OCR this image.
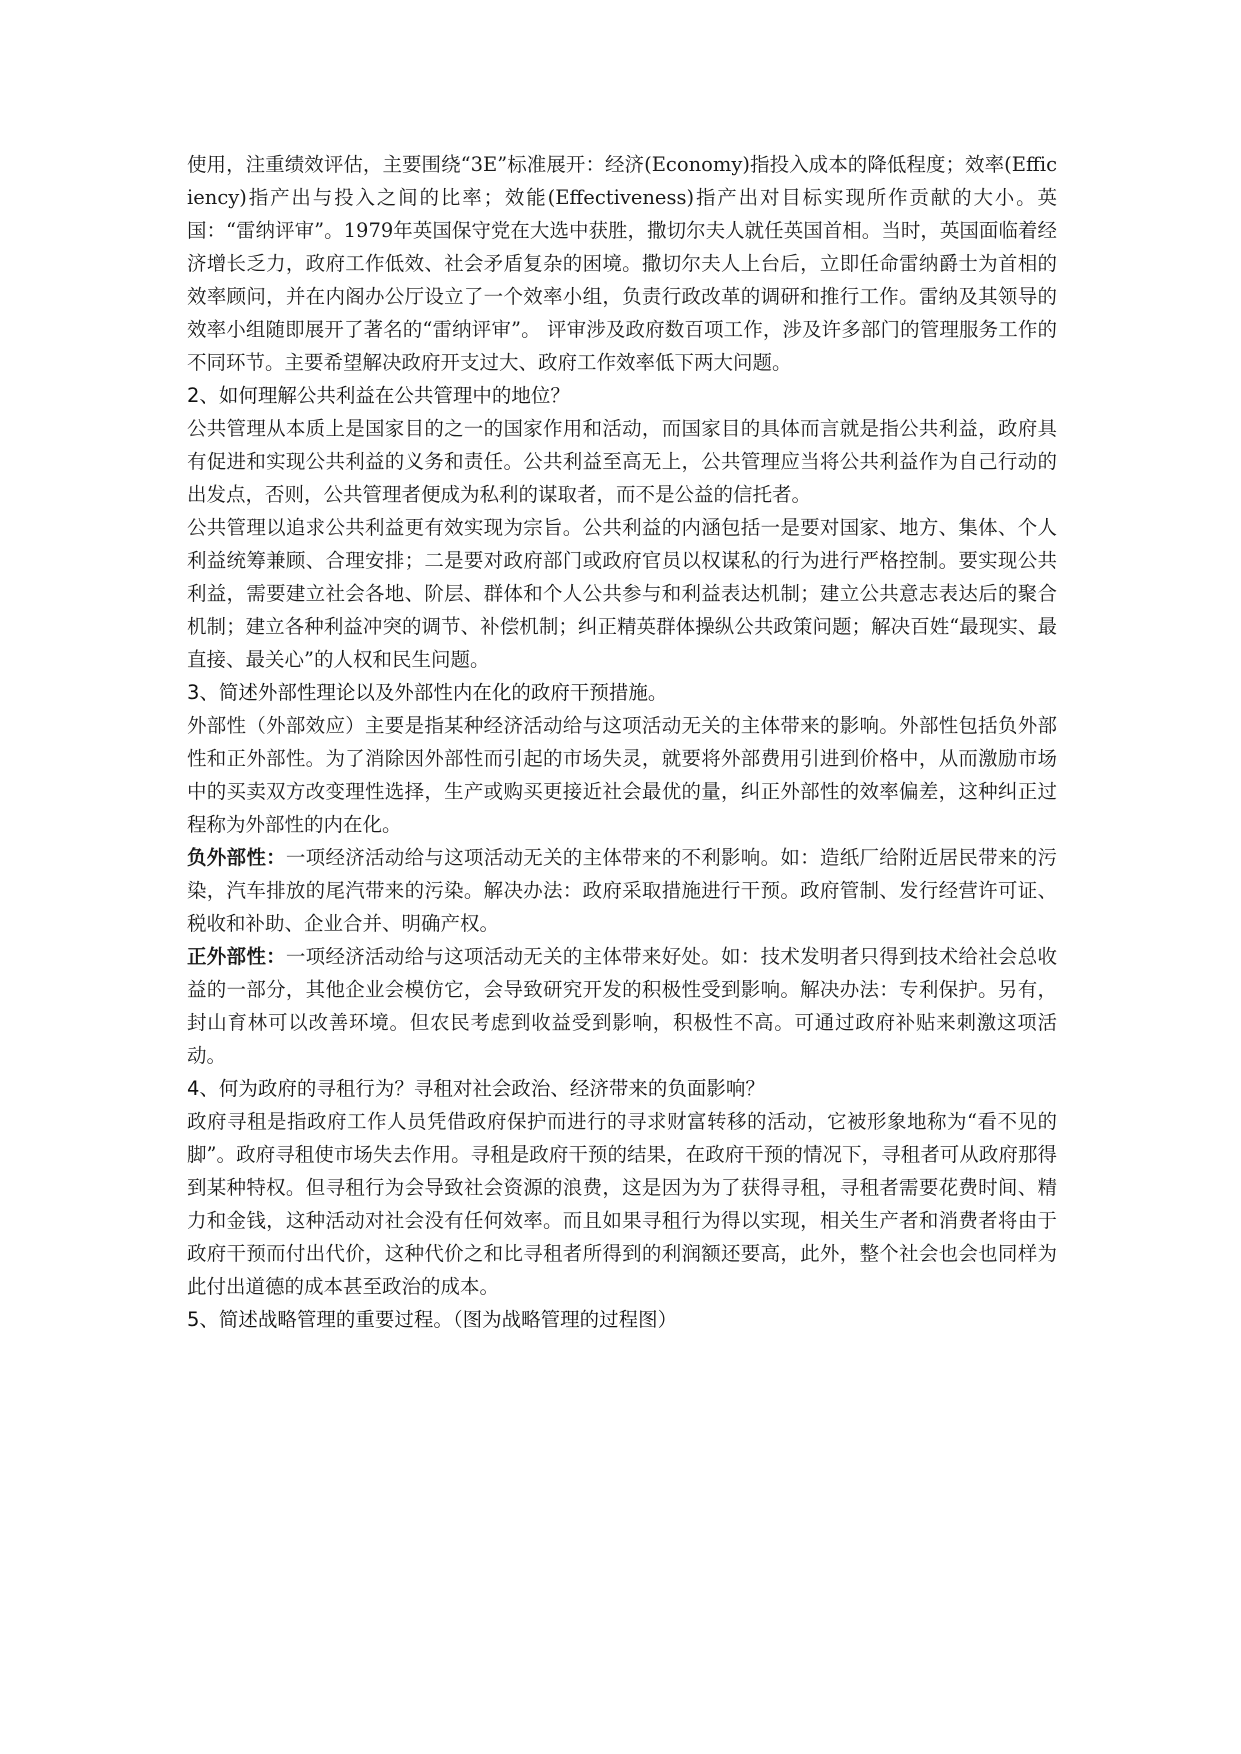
使用，注重绩效评估，主要围绕“3E”标准展开：经济(Economy)指投入成本的降低程度；效率(Efficiency)指产出与投入之间的比率；效能(Effectiveness)指产出对目标实现所作贡献的大小。英国：“雷纳评审”。1979年英国保守党在大选中获胜，撒切尔夫人就任英国首相。当时，英国面临着经济增长乏力，政府工作低效、社会矛盾复杂的困境。撒切尔夫人上台后，立即任命雷纳爵士为首相的效率顾问，并在内阁办公厅设立了一个效率小组，负责行政改革的调研和推行工作。雷纳及其领导的效率小组随即展开了著名的“雷纳评审”。 评审涉及政府数百项工作，涉及许多部门的管理服务工作的不同环节。主要希望解决政府开支过大、政府工作效率低下两大问题。

2、如何理解公共利益在公共管理中的地位？

公共管理从本质上是国家目的之一的国家作用和活动，而国家目的具体而言就是指公共利益，政府具有促进和实现公共利益的义务和责任。公共利益至高无上，公共管理应当将公共利益作为自己行动的出发点，否则，公共管理者便成为私利的谋取者，而不是公益的信托者。

公共管理以追求公共利益更有效实现为宗旨。公共利益的内涵包括一是要对国家、地方、集体、个人利益统筹兼顾、合理安排；二是要对政府部门或政府官员以权谋私的行为进行严格控制。要实现公共利益，需要建立社会各地、阶层、群体和个人公共参与和利益表达机制；建立公共意志表达后的聚合机制；建立各种利益冲突的调节、补偿机制；纠正精英群体操纵公共政策问题；解决百姓“最现实、最直接、最关心”的人权和民生问题。

3、简述外部性理论以及外部性内在化的政府干预措施。

外部性（外部效应）主要是指某种经济活动给与这项活动无关的主体带来的影响。外部性包括负外部性和正外部性。为了消除因外部性而引起的市场失灵，就要将外部费用引进到价格中，从而激励市场中的买卖双方改变理性选择，生产或购买更接近社会最优的量，纠正外部性的效率偏差，这种纠正过程称为外部性的内在化。

负外部性：一项经济活动给与这项活动无关的主体带来的不利影响。如：造纸厂给附近居民带来的污染，汽车排放的尾汽带来的污染。解决办法：政府采取措施进行干预。政府管制、发行经营许可证、税收和补助、企业合并、明确产权。

正外部性：一项经济活动给与这项活动无关的主体带来好处。如：技术发明者只得到技术给社会总收益的一部分，其他企业会模仿它，会导致研究开发的积极性受到影响。解决办法：专利保护。另有，封山育林可以改善环境。但农民考虑到收益受到影响，积极性不高。可通过政府补贴来刺激这项活动。

4、何为政府的寻租行为？寻租对社会政治、经济带来的负面影响？

政府寻租是指政府工作人员凭借政府保护而进行的寻求财富转移的活动，它被形象地称为“看不见的脚”。政府寻租使市场失去作用。寻租是政府干预的结果，在政府干预的情况下，寻租者可从政府那得到某种特权。但寻租行为会导致社会资源的浪费，这是因为为了获得寻租，寻租者需要花费时间、精力和金钱，这种活动对社会没有任何效率。而且如果寻租行为得以实现，相关生产者和消费者将由于政府干预而付出代价，这种代价之和比寻租者所得到的利润额还要高，此外，整个社会也会也同样为此付出道德的成本甚至政治的成本。

5、简述战略管理的重要过程。（图为战略管理的过程图）
